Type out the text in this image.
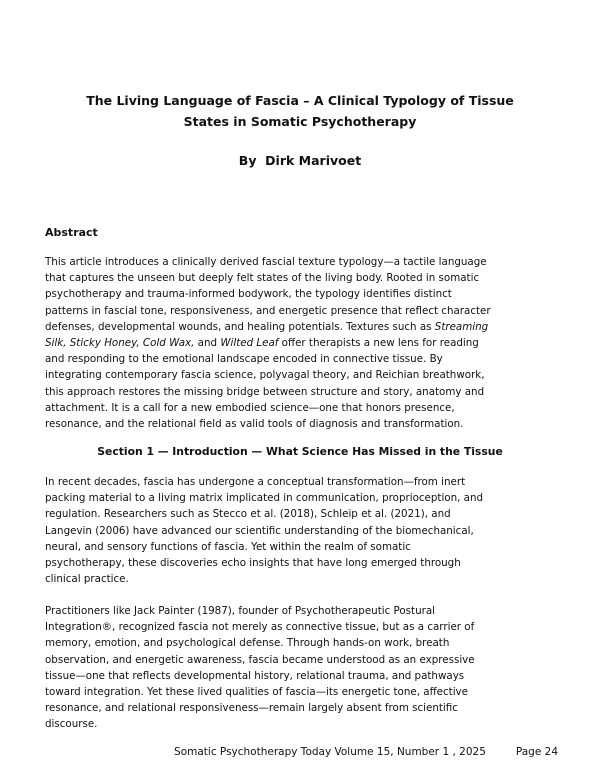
The Living Language of Fascia – A Clinical Typology of Tissue
States in Somatic Psychotherapy
By  Dirk Marivoet
Abstract

This article introduces a clinically derived fascial texture typology—a tactile language
that captures the unseen but deeply felt states of the living body. Rooted in somatic
psychotherapy and trauma-informed bodywork, the typology identifies distinct
patterns in fascial tone, responsiveness, and energetic presence that reflect character
defenses, developmental wounds, and healing potentials. Textures such as Streaming
Silk, Sticky Honey, Cold Wax, and Wilted Leaf offer therapists a new lens for reading
and responding to the emotional landscape encoded in connective tissue. By
integrating contemporary fascia science, polyvagal theory, and Reichian breathwork,
this approach restores the missing bridge between structure and story, anatomy and
attachment. It is a call for a new embodied science—one that honors presence,
resonance, and the relational field as valid tools of diagnosis and transformation.

Section 1 — Introduction — What Science Has Missed in the Tissue

In recent decades, fascia has undergone a conceptual transformation—from inert
packing material to a living matrix implicated in communication, proprioception, and
regulation. Researchers such as Stecco et al. (2018), Schleip et al. (2021), and
Langevin (2006) have advanced our scientific understanding of the biomechanical,
neural, and sensory functions of fascia. Yet within the realm of somatic
psychotherapy, these discoveries echo insights that have long emerged through
clinical practice.

Practitioners like Jack Painter (1987), founder of Psychotherapeutic Postural
Integration®, recognized fascia not merely as connective tissue, but as a carrier of
memory, emotion, and psychological defense. Through hands-on work, breath
observation, and energetic awareness, fascia became understood as an expressive
tissue—one that reflects developmental history, relational trauma, and pathways
toward integration. Yet these lived qualities of fascia—its energetic tone, affective
resonance, and relational responsiveness—remain largely absent from scientific
discourse.

Somatic Psychotherapy Today Volume 15, Number 1 , 2025	Page 24
